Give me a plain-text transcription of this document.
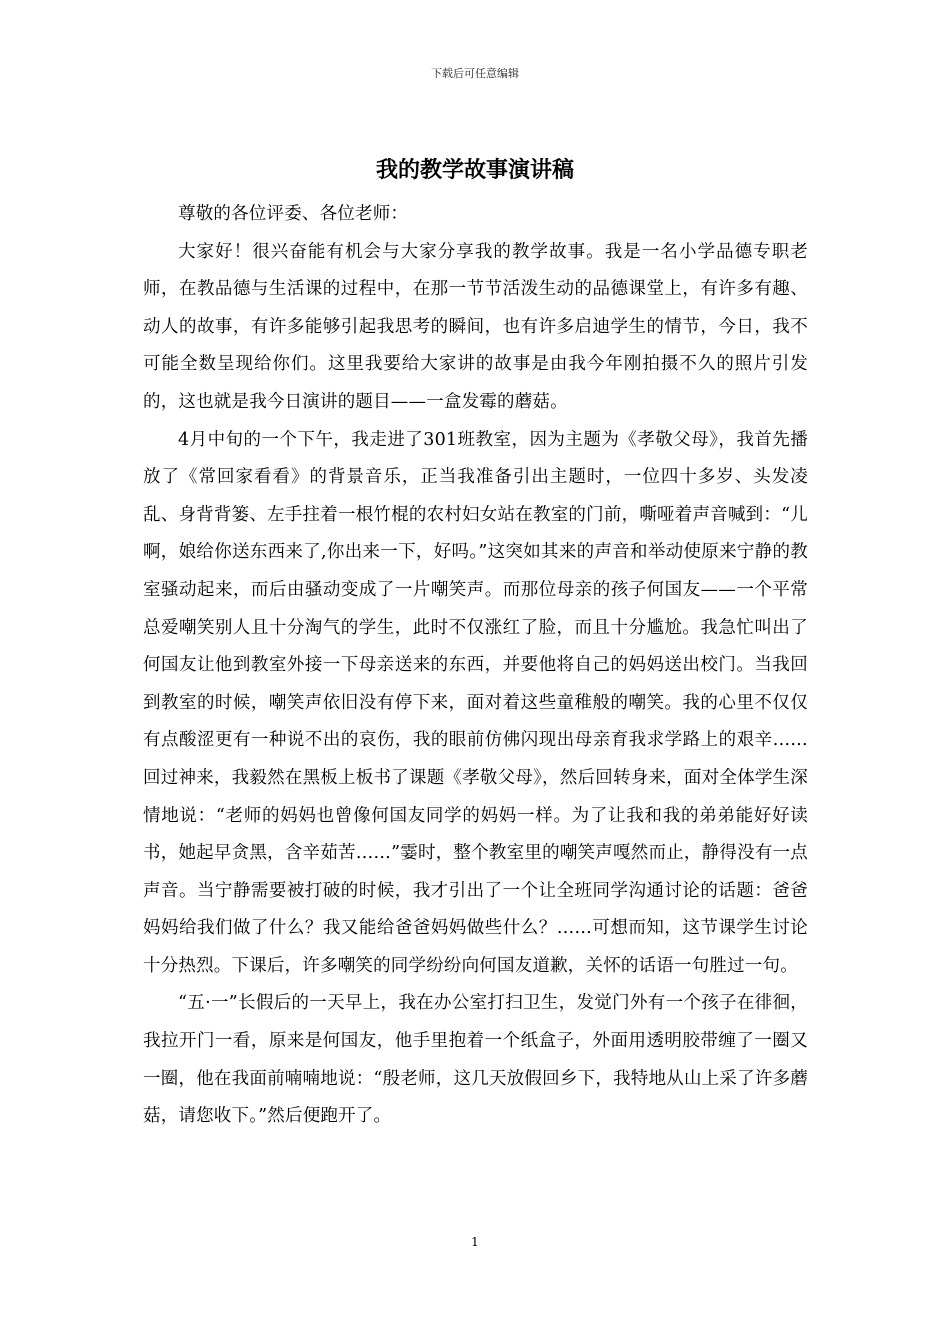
下载后可任意编辑
我的教学故事演讲稿

尊敬的各位评委、各位老师：

大家好！很兴奋能有机会与大家分享我的教学故事。我是一名小学品德专职老师，在教品德与生活课的过程中，在那一节节活泼生动的品德课堂上，有许多有趣、动人的故事，有许多能够引起我思考的瞬间，也有许多启迪学生的情节，今日，我不可能全数呈现给你们。这里我要给大家讲的故事是由我今年刚拍摄不久的照片引发的，这也就是我今日演讲的题目——一盒发霉的蘑菇。

4月中旬的一个下午，我走进了301班教室，因为主题为《孝敬父母》，我首先播放了《常回家看看》的背景音乐，正当我准备引出主题时，一位四十多岁、头发凌乱、身背背篓、左手拄着一根竹棍的农村妇女站在教室的门前，嘶哑着声音喊到：“儿啊，娘给你送东西来了,你出来一下，好吗。”这突如其来的声音和举动使原来宁静的教室骚动起来，而后由骚动变成了一片嘲笑声。而那位母亲的孩子何国友——一个平常总爱嘲笑别人且十分淘气的学生，此时不仅涨红了脸，而且十分尴尬。我急忙叫出了何国友让他到教室外接一下母亲送来的东西，并要他将自己的妈妈送出校门。当我回到教室的时候，嘲笑声依旧没有停下来，面对着这些童稚般的嘲笑。我的心里不仅仅有点酸涩更有一种说不出的哀伤，我的眼前仿佛闪现出母亲育我求学路上的艰辛……回过神来，我毅然在黑板上板书了课题《孝敬父母》，然后回转身来，面对全体学生深情地说：“老师的妈妈也曾像何国友同学的妈妈一样。为了让我和我的弟弟能好好读书，她起早贪黑，含辛茹苦……”霎时，整个教室里的嘲笑声嘎然而止，静得没有一点声音。当宁静需要被打破的时候，我才引出了一个让全班同学沟通讨论的话题：爸爸妈妈给我们做了什么？我又能给爸爸妈妈做些什么？……可想而知，这节课学生讨论十分热烈。下课后，许多嘲笑的同学纷纷向何国友道歉，关怀的话语一句胜过一句。

“五·一”长假后的一天早上，我在办公室打扫卫生，发觉门外有一个孩子在徘徊，我拉开门一看，原来是何国友，他手里抱着一个纸盒子，外面用透明胶带缠了一圈又一圈，他在我面前喃喃地说：“殷老师，这几天放假回乡下，我特地从山上采了许多蘑菇，请您收下。”然后便跑开了。

1
